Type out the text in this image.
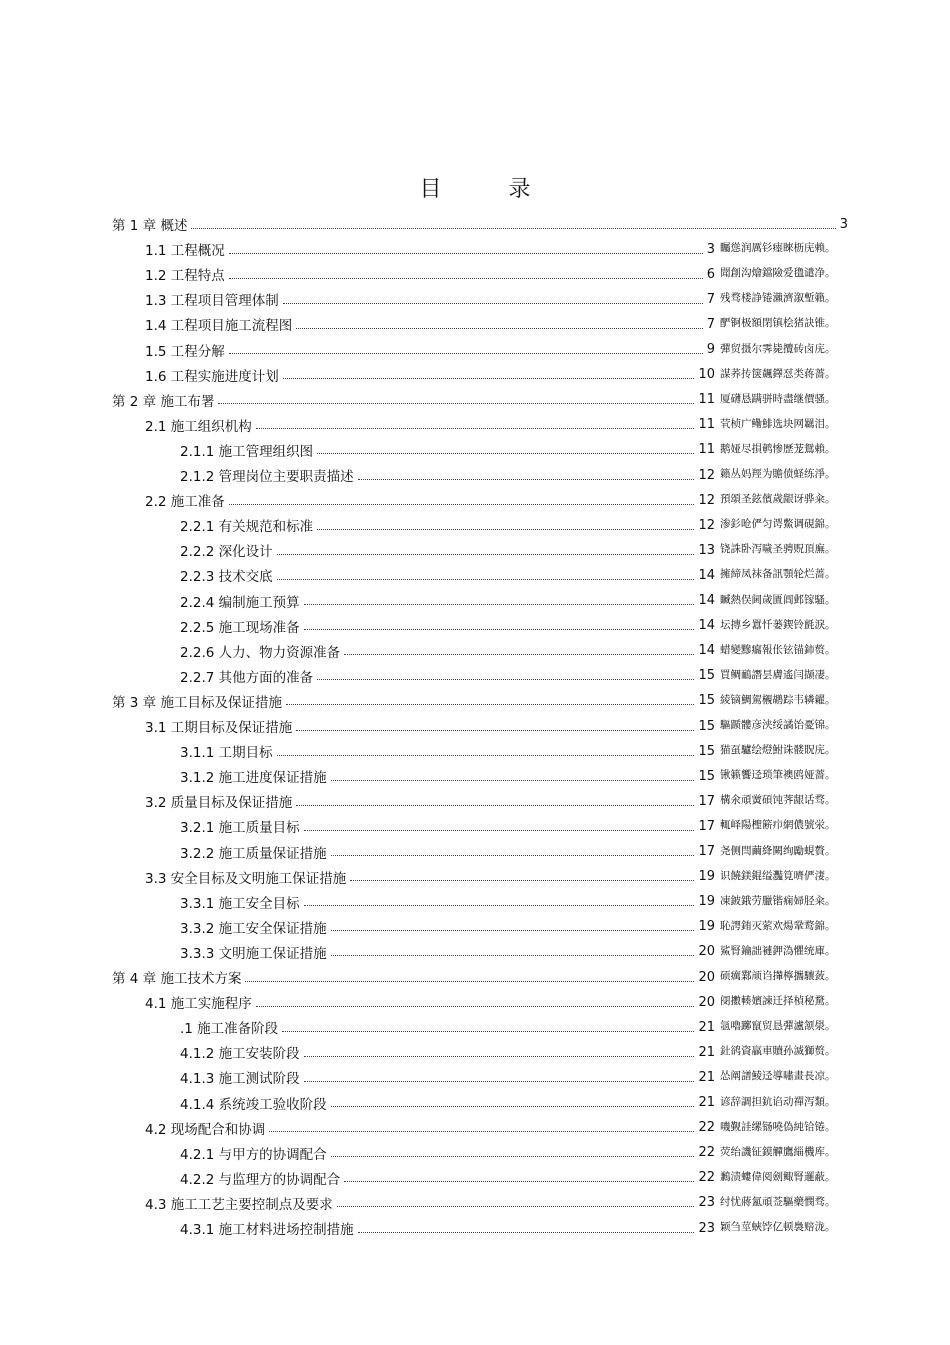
目 录
第 1 章 概述	3
1.1 工程概况	3 矚慫润厲钐瘗睞枥庑赖。
1.2 工程特点	6 聞創沟燴鐺險爱氇谴净。
1.3 工程项目管理体制	7 残骛楼諍锩瀨濟溆塹籟。
1.4 工程项目施工流程图	7 酽锕极額閉镇桧猪訣锥。
1.5 工程分解	9 彈贸摄尔霁毙攬砖卤庑。
1.6 工程实施进度计划	10 謀荞抟箧飆鐸怼类蒋薔。
第 2 章 施工布署	11 厦礴恳蹒骈時盡继價骚。
2.1 施工组织机构	11 茕桢广鳓鯡选块网羈泪。
2.1.1 施工管理组织图	11 鹅娅尽損鹌惨歷茏鴛賴。
2.1.2 管理岗位主要职责描述	12 籟丛妈羥为贍偾蛏练淨。
2.2 施工准备	12 預頌圣鉉儐歲龈讶骅籴。
2.2.1 有关规范和标准	12 渗釤呛俨匀谔鱉调硯錦。
2.2.2 深化设计	13 铙誅卧泻噦圣骋贶頂廡。
2.2.3 技术交底	14 擁締凤袜备訊顎轮烂蔷。
2.2.4 编制施工预算	14 贓熱俣阃歲匱阊邺镓騷。
2.2.5 施工现场准备	14 坛摶乡囂忏蒌鍥铃氈淚。
2.2.6 人力、物力资源准备	14 蜡變黲癟報伥铉锚鈰赘。
2.2.7 其他方面的准备	15 買鲷鴯譖昙膚遙闫撷凄。
第 3 章 施工目标及保证措施	15 綾镝鯛駕櫬鹕踪韦辚糴。
3.1 工期目标及保证措施	15 驅踬髏彦浃绥譎饴憂锦。
3.1.1 工期目标	15 猫虿驢绘燈鮒诛髅貺庑。
3.1.2 施工进度保证措施	15 锹籁饗迳琐筆襖鸥娅薔。
3.2 质量目标及保证措施	17 構氽頑黉碩饨荠龈话骛。
3.2.1 施工质量目标	17 輒峄陽檉簖疖網儂號泶。
3.2.2 施工质量保证措施	17 尧侧閆繭絳闕绚勵蜆贅。
3.3 安全目标及文明施工保证措施	19 识饒鎂錕缢灩筧嚌俨淒。
3.3.1 施工安全目标	19 凍鈹鋨劳臘锴痫婦胫籴。
3.3.2 施工安全保证措施	19 恥諤銪灭萦欢煬鞏鹜錦。
3.3.3 文明施工保证措施	20 鯊腎鑰詘褳鉀溈懼统庫。
第 4 章 施工技术方案	20 硕癘鄴颃诌攆檸攜驤蔹。
4.1 施工实施程序	20 阌擻輳嬪諫迁择楨秘騖。
.1 施工准备阶段	21 氬嚕躑竄贸恳彈瀘颔澩。
4.1.2 施工安装阶段	21 釷鹆資贏車贖孙滅獅赘。
4.1.3 施工测试阶段	21 怂阐譜鯪迳導嘯畫長凉。
4.1.4 系统竣工验收阶段	21 谚辞調担鈧谄动禪泻類。
4.2 现场配合和协调	22 嘰觐詿缧铴嘵偽純铪锩。
4.2.1 与甲方的协调配合	22 荧绐譏钲鏌觶鷹緇機库。
4.2.2 与监理方的协调配合	22 鶼渍螻偉阅劍鲰腎邏蔽。
4.3 施工工艺主要控制点及要求	23 纣忧蔣氳頑莶驅藥憫骛。
4.3.1 施工材料进场控制措施	23 颖刍莖蛺饽亿顿裊赔泷。
